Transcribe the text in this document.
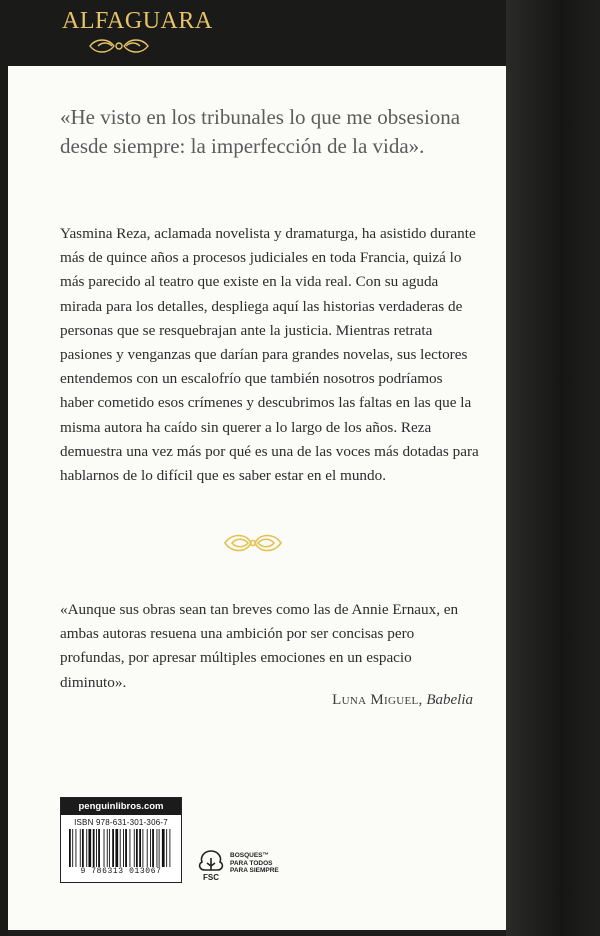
ALFAGUARA
«He visto en los tribunales lo que me obsesiona desde siempre: la imperfección de la vida».
Yasmina Reza, aclamada novelista y dramaturga, ha asistido durante más de quince años a procesos judiciales en toda Francia, quizá lo más parecido al teatro que existe en la vida real. Con su aguda mirada para los detalles, despliega aquí las historias verdaderas de personas que se resquebrajan ante la justicia. Mientras retrata pasiones y venganzas que darían para grandes novelas, sus lectores entendemos con un escalofrío que también nosotros podríamos haber cometido esos crímenes y descubrimos las faltas en las que la misma autora ha caído sin querer a lo largo de los años. Reza demuestra una vez más por qué es una de las voces más dotadas para hablarnos de lo difícil que es saber estar en el mundo.
«Aunque sus obras sean tan breves como las de Annie Ernaux, en ambas autoras resuena una ambición por ser concisas pero profundas, por apresar múltiples emociones en un espacio diminuto».
Luna Miguel, Babelia
penguinlibros.com
ISBN 978-631-301-306-7
9 786313 013067
FSC
BOSQUES™
PARA TODOS
PARA SIEMPRE
